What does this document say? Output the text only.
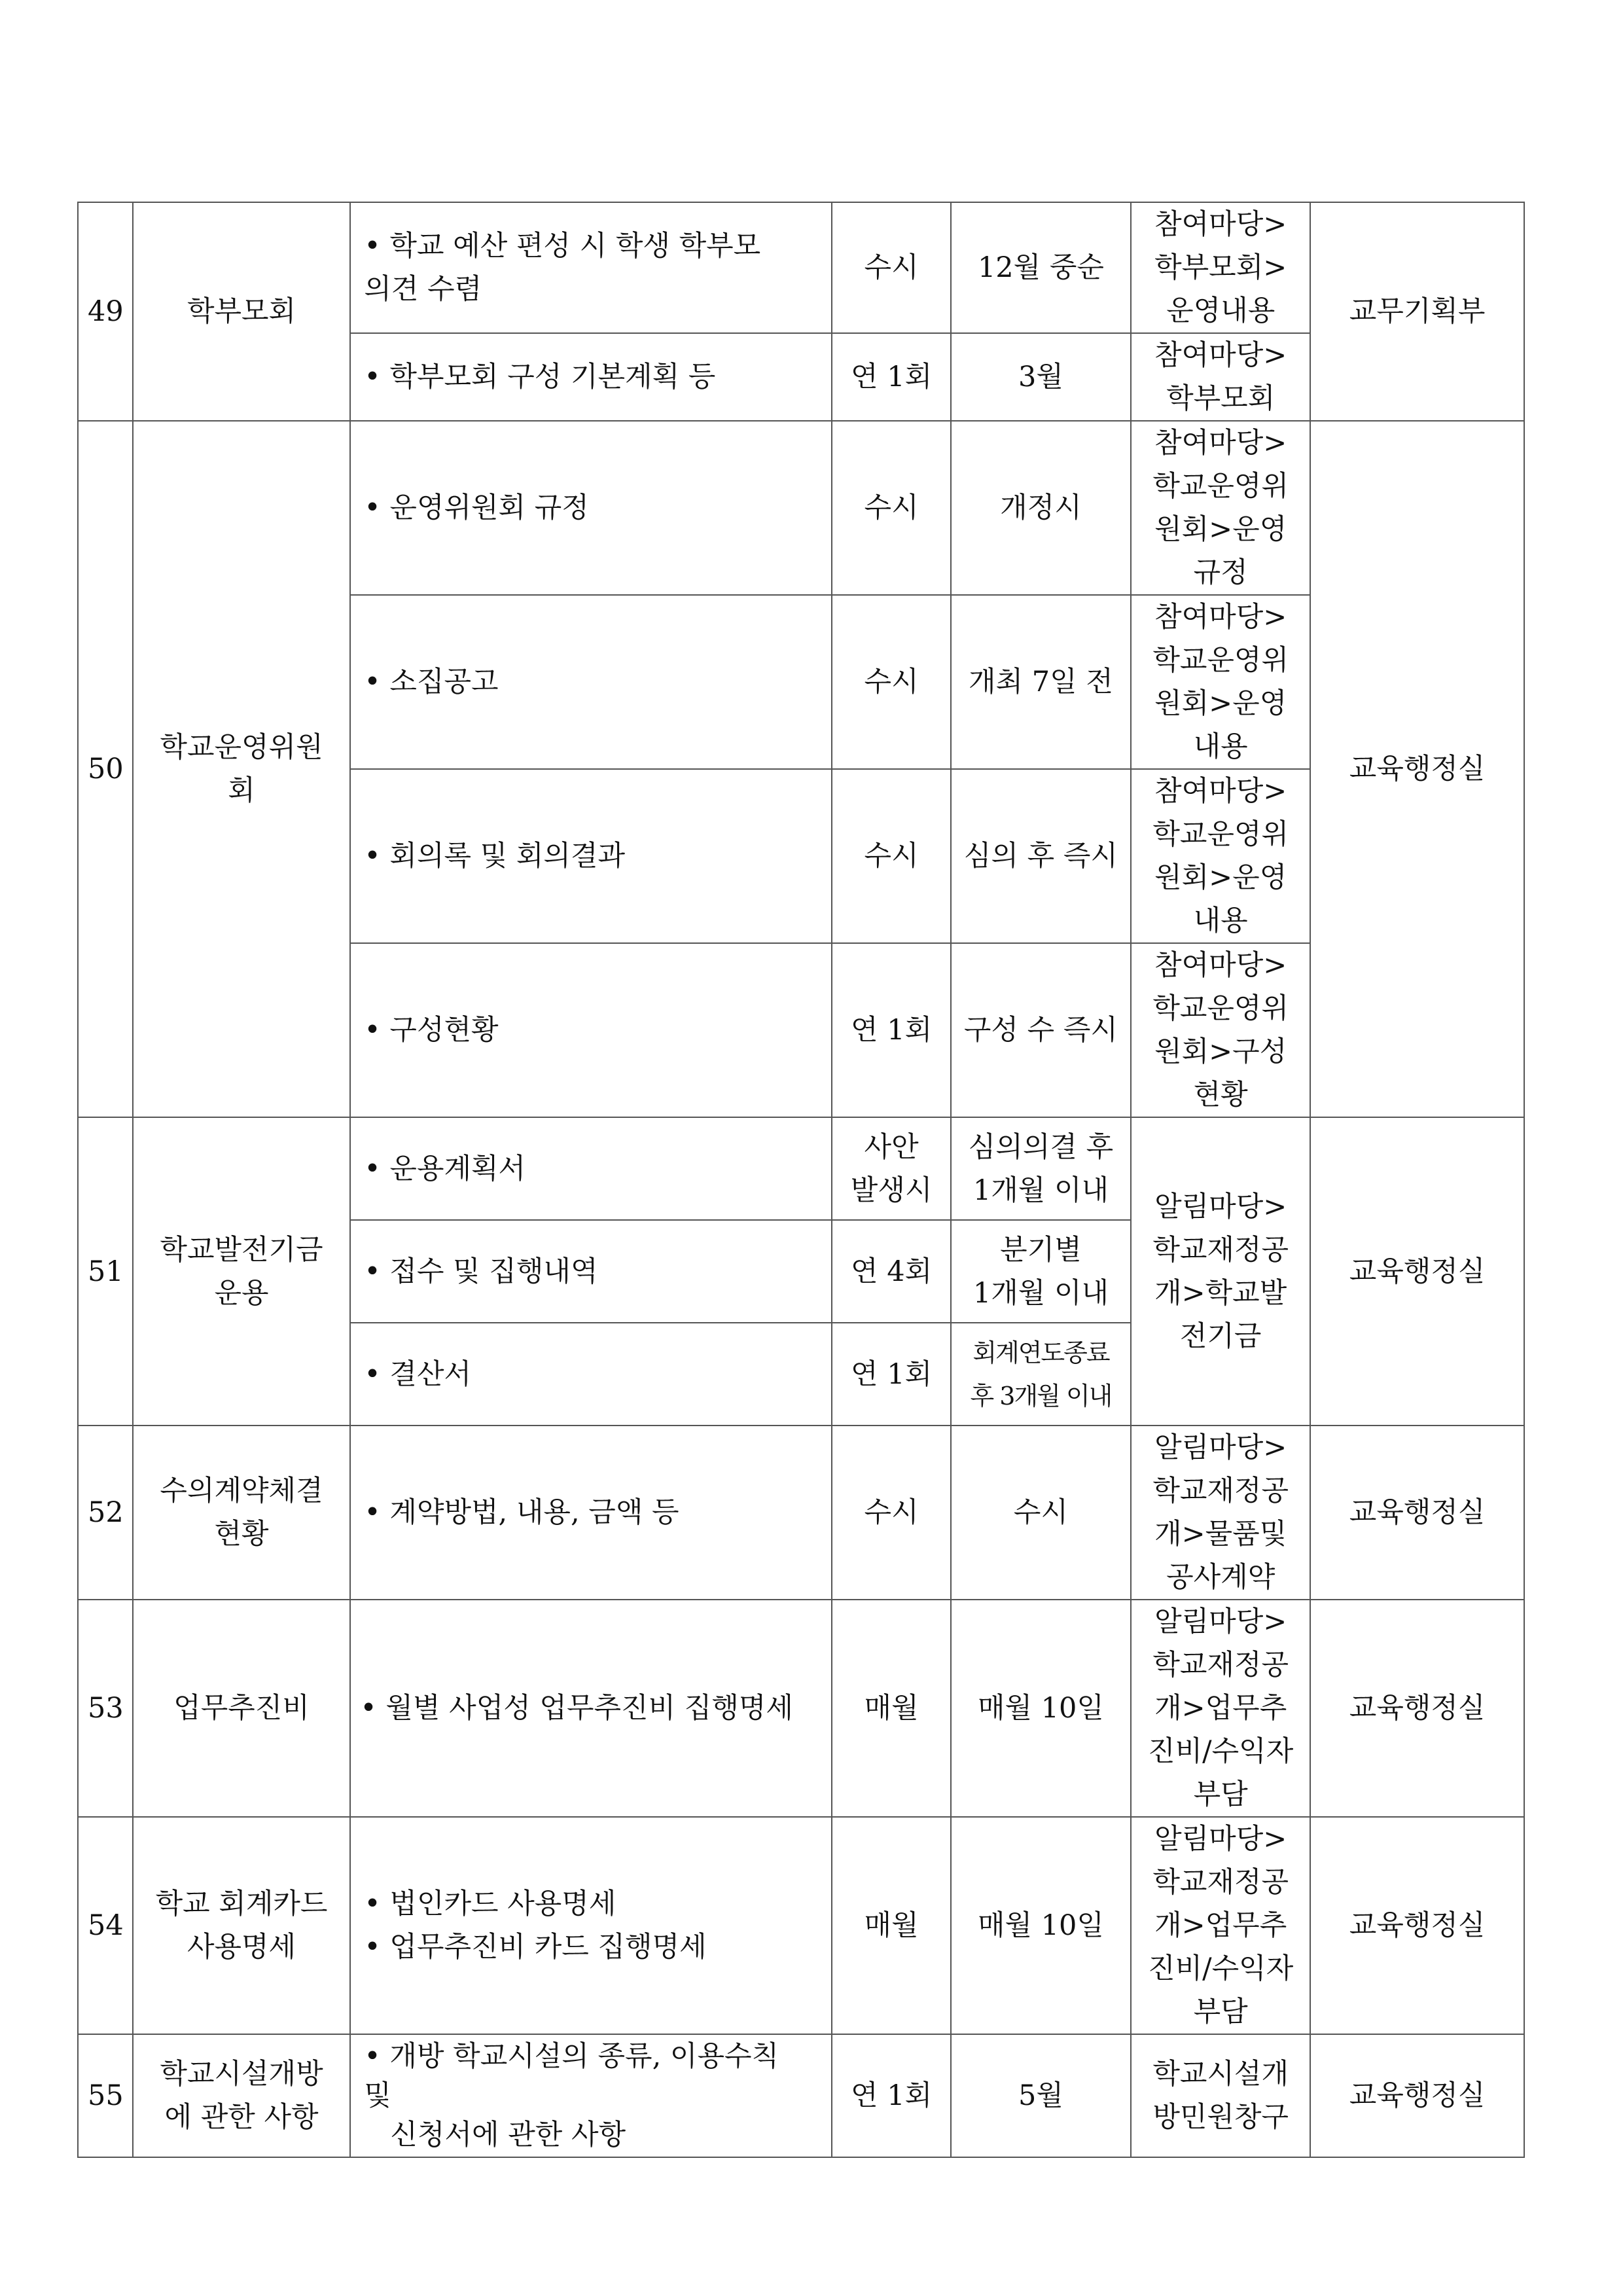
49	학부모회	• 학교 예산 편성 시 학생 학부모
의견 수렴	수시	12월 중순	참여마당>
학부모회>
운영내용	교무기획부

		• 학부모회 구성 기본계획 등	연 1회	3월	참여마당>
학부모회	

50	학교운영위원
회	• 운영위원회 규정	수시	개정시	참여마당>
학교운영위
원회>운영
규정	교육행정실

		• 소집공고	수시	개최 7일 전	참여마당>
학교운영위
원회>운영
내용	

		• 회의록 및 회의결과	수시	심의 후 즉시	참여마당>
학교운영위
원회>운영
내용	

		• 구성현황	연 1회	구성 수 즉시	참여마당>
학교운영위
원회>구성
현황	

51	학교발전기금
운용	• 운용계획서	사안
발생시	심의의결 후
1개월 이내	알림마당>
학교재정공
개>학교발
전기금	교육행정실

		• 접수 및 집행내역	연 4회	분기별
1개월 이내		

		• 결산서	연 1회	회계연도종료
후 3개월 이내		

52	수의계약체결
현황	• 계약방법, 내용, 금액 등	수시	수시	알림마당>
학교재정공
개>물품및
공사계약	교육행정실
53	업무추진비	• 월별 사업성 업무추진비 집행명세	매월	매월 10일	알림마당>
학교재정공
개>업무추
진비/수익자
부담	교육행정실
54	학교 회계카드
사용명세	• 법인카드 사용명세
• 업무추진비 카드 집행명세	매월	매월 10일	알림마당>
학교재정공
개>업무추
진비/수익자
부담	교육행정실
55	학교시설개방
에 관한 사항	• 개방 학교시설의 종류, 이용수칙
및
신청서에 관한 사항	연 1회	5월	학교시설개
방민원창구	교육행정실
